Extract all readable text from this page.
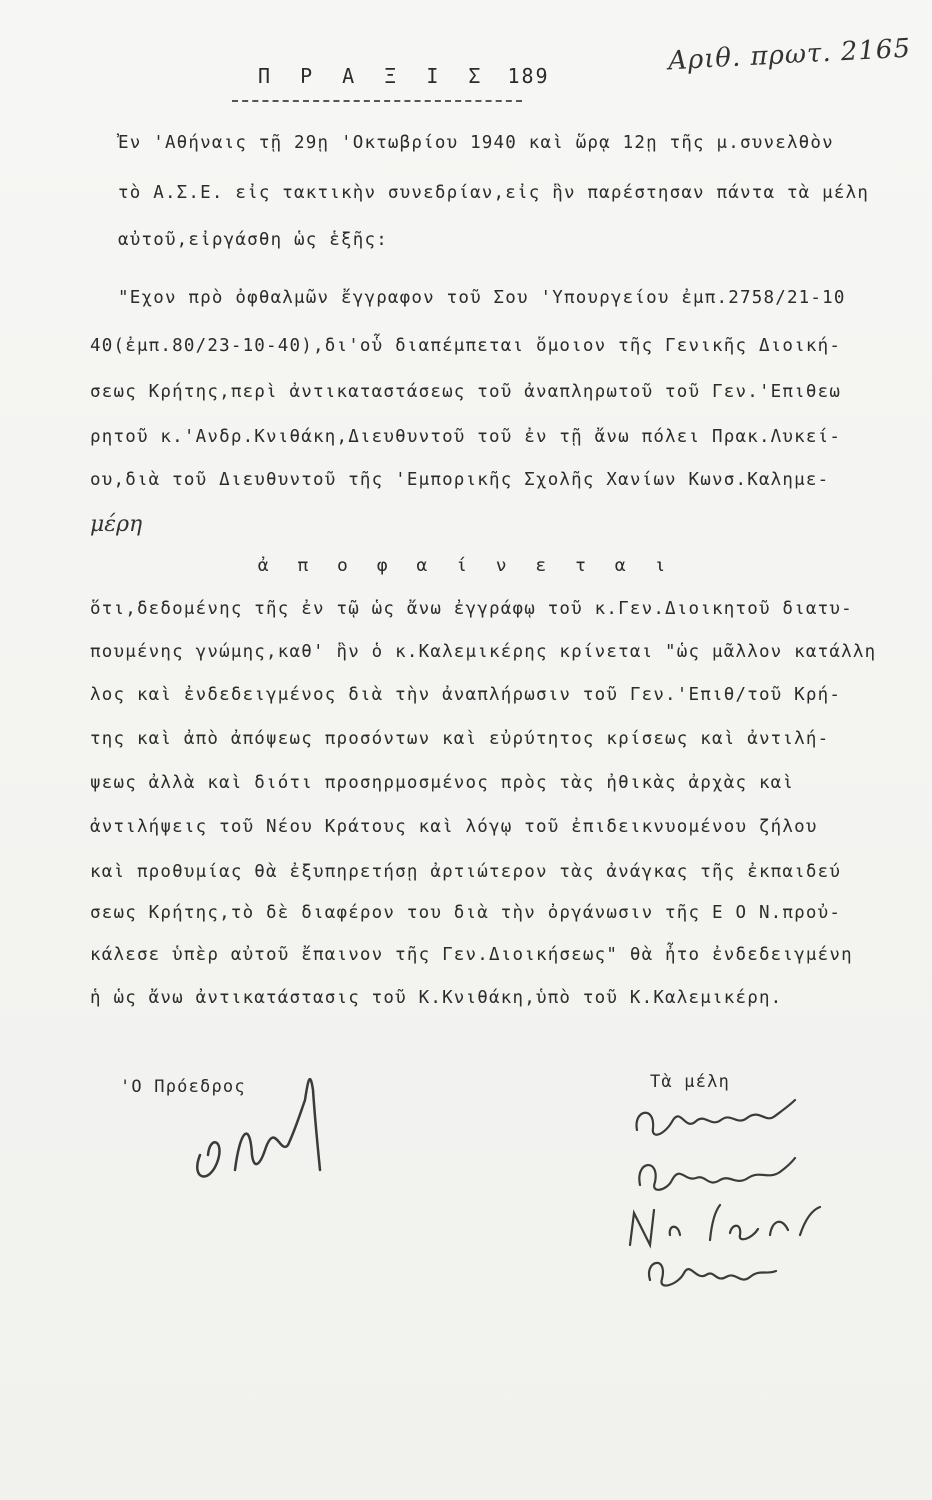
Αριθ. πρωτ. 2165
Π Ρ Α Ξ Ι Σ 189
Ἐν 'Αθήναις τῇ 29ῃ 'Οκτωβρίου 1940 καὶ ὥρᾳ 12ῃ τῆς μ.συνελθὸν
τὸ Α.Σ.Ε. εἰς τακτικὴν συνεδρίαν,εἰς ἣν παρέστησαν πάντα τὰ μέλη
αὐτοῦ,εἰργάσθη ὡς ἑξῆς:
"Εχον πρὸ ὀφθαλμῶν ἔγγραφον τοῦ Σου 'Υπουργείου ἐμπ.2758/21-10
40(ἐμπ.80/23-10-40),δι'οὗ διαπέμπεται ὅμοιον τῆς Γενικῆς Διοική-
σεως Κρήτης,περὶ ἀντικαταστάσεως τοῦ ἀναπληρωτοῦ τοῦ Γεν.'Επιθεω
ρητοῦ κ.'Ανδρ.Κνιθάκη,Διευθυντοῦ τοῦ ἐν τῇ ἄνω πόλει Πρακ.Λυκεί-
ου,διὰ τοῦ Διευθυντοῦ τῆς 'Εμπορικῆς Σχολῆς Χανίων Κωνσ.Καλημε-
μέρη
ἀ π ο φ α ί ν ε τ α ι
ὅτι,δεδομένης τῆς ἐν τῷ ὡς ἄνω ἐγγράφῳ τοῦ κ.Γεν.Διοικητοῦ διατυ-
πουμένης γνώμης,καθ' ἣν ὁ κ.Καλεμικέρης κρίνεται "ὡς μᾶλλον κατάλλη
λος καὶ ἐνδεδειγμένος διὰ τὴν ἀναπλήρωσιν τοῦ Γεν.'Επιθ/τοῦ Κρή-
της καὶ ἀπὸ ἀπόψεως προσόντων καὶ εὐρύτητος κρίσεως καὶ ἀντιλή-
ψεως ἀλλὰ καὶ διότι προσηρμοσμένος πρὸς τὰς ἠθικὰς ἀρχὰς καὶ
ἀντιλήψεις τοῦ Νέου Κράτους καὶ λόγῳ τοῦ ἐπιδεικνυομένου ζήλου
καὶ προθυμίας θὰ ἐξυπηρετήσῃ ἀρτιώτερον τὰς ἀνάγκας τῆς ἐκπαιδεύ
σεως Κρήτης,τὸ δὲ διαφέρον του διὰ τὴν ὀργάνωσιν τῆς Ε Ο Ν.προὐ-
κάλεσε ὑπὲρ αὐτοῦ ἔπαινον τῆς Γεν.Διοικήσεως" θὰ ἦτο ἐνδεδειγμένη
ἡ ὡς ἄνω ἀντικατάστασις τοῦ Κ.Κνιθάκη,ὑπὸ τοῦ Κ.Καλεμικέρη.
'Ο Πρόεδρος	Τὰ μέλη
